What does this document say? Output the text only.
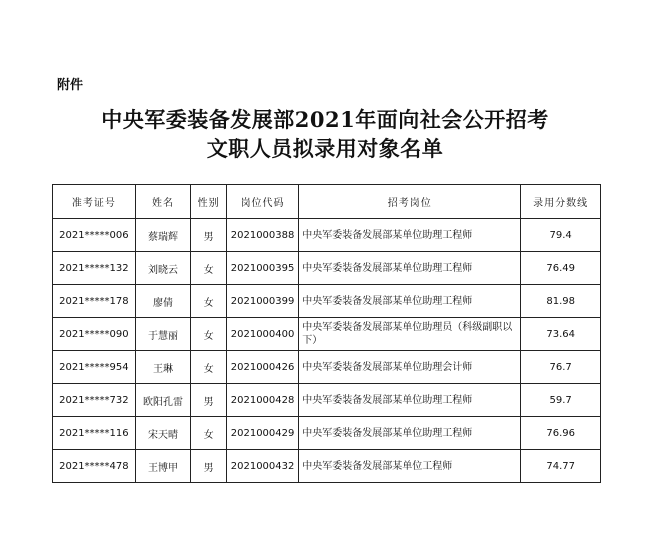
附件
中央军委装备发展部2021年面向社会公开招考
文职人员拟录用对象名单
准考证号	姓名	性别	岗位代码	招考岗位	录用分数线
2021*****006	蔡瑞辉	男	2021000388	中央军委装备发展部某单位助理工程师	79.4
2021*****132	刘晓云	女	2021000395	中央军委装备发展部某单位助理工程师	76.49
2021*****178	廖倩	女	2021000399	中央军委装备发展部某单位助理工程师	81.98
2021*****090	于慧丽	女	2021000400	中央军委装备发展部某单位助理员（科级副职以下）	73.64
2021*****954	王琳	女	2021000426	中央军委装备发展部某单位助理会计师	76.7
2021*****732	欧阳孔雷	男	2021000428	中央军委装备发展部某单位助理工程师	59.7
2021*****116	宋天晴	女	2021000429	中央军委装备发展部某单位助理工程师	76.96
2021*****478	王博甲	男	2021000432	中央军委装备发展部某单位工程师	74.77
